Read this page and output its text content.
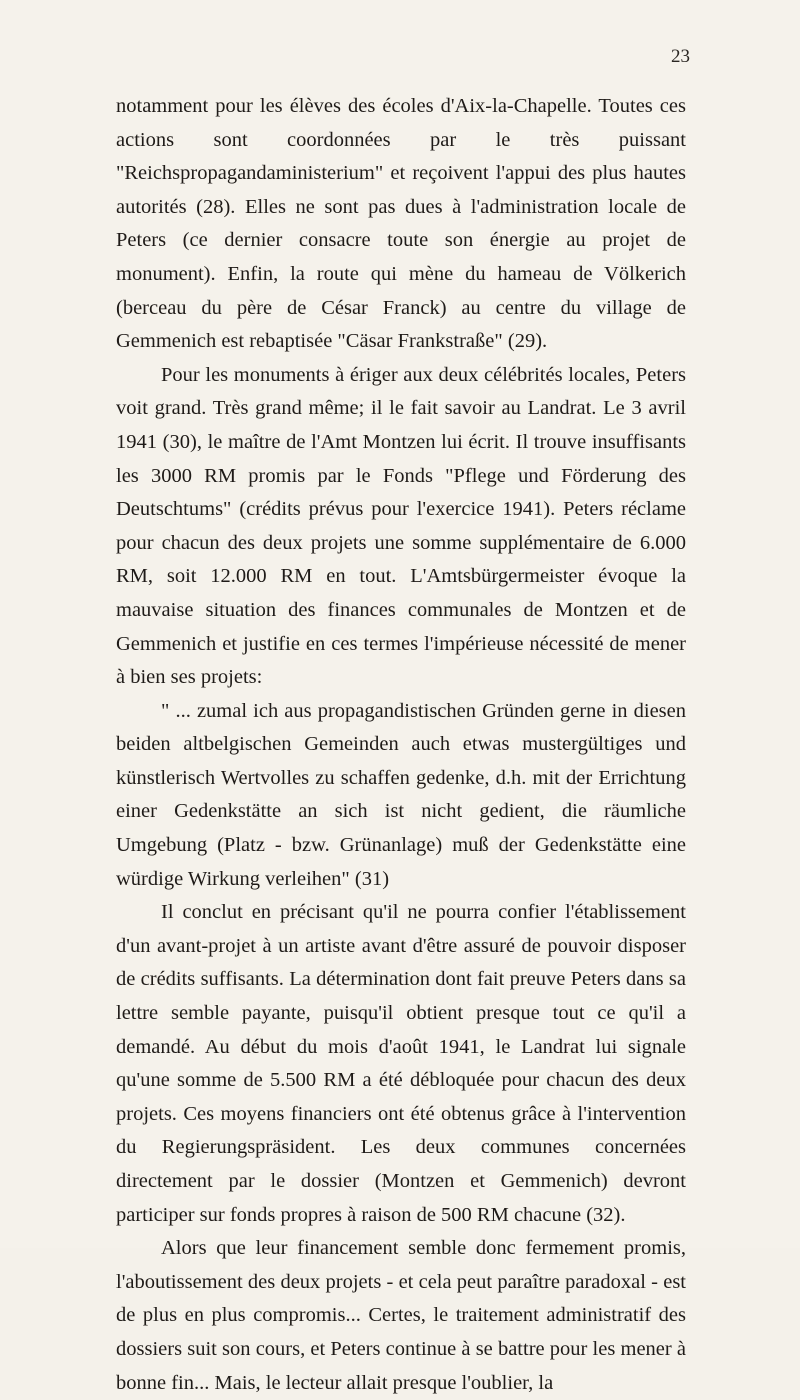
23

notamment pour les élèves des écoles d'Aix-la-Chapelle. Toutes ces actions sont coordonnées par le très puissant "Reichspropagandaministerium" et reçoivent l'appui des plus hautes autorités (28). Elles ne sont pas dues à l'administration locale de Peters (ce dernier consacre toute son énergie au projet de monument). Enfin, la route qui mène du hameau de Völkerich (berceau du père de César Franck) au centre du village de Gemmenich est rebaptisée "Cäsar Frankstraße" (29).

Pour les monuments à ériger aux deux célébrités locales, Peters voit grand. Très grand même; il le fait savoir au Landrat. Le 3 avril 1941 (30), le maître de l'Amt Montzen lui écrit. Il trouve insuffisants les 3000 RM promis par le Fonds "Pflege und Förderung des Deutschtums" (crédits prévus pour l'exercice 1941). Peters réclame pour chacun des deux projets une somme supplémentaire de 6.000 RM, soit 12.000 RM en tout. L'Amtsbürgermeister évoque la mauvaise situation des finances communales de Montzen et de Gemmenich et justifie en ces termes l'impérieuse nécessité de mener à bien ses projets:

" ... zumal ich aus propagandistischen Gründen gerne in diesen beiden altbelgischen Gemeinden auch etwas mustergültiges und künstlerisch Wertvolles zu schaffen gedenke, d.h. mit der Errichtung einer Gedenkstätte an sich ist nicht gedient, die räumliche Umgebung (Platz - bzw. Grünanlage) muß der Gedenkstätte eine würdige Wirkung verleihen" (31)

Il conclut en précisant qu'il ne pourra confier l'établissement d'un avant-projet à un artiste avant d'être assuré de pouvoir disposer de crédits suffisants. La détermination dont fait preuve Peters dans sa lettre semble payante, puisqu'il obtient presque tout ce qu'il a demandé. Au début du mois d'août 1941, le Landrat lui signale qu'une somme de 5.500 RM a été débloquée pour chacun des deux projets. Ces moyens financiers ont été obtenus grâce à l'intervention du Regierungspräsident. Les deux communes concernées directement par le dossier (Montzen et Gemmenich) devront participer sur fonds propres à raison de 500 RM chacune (32).

Alors que leur financement semble donc fermement promis, l'aboutissement des deux projets - et cela peut paraître paradoxal - est de plus en plus compromis... Certes, le traitement administratif des dossiers suit son cours, et Peters continue à se battre pour les mener à bonne fin... Mais, le lecteur allait presque l'oublier, la
